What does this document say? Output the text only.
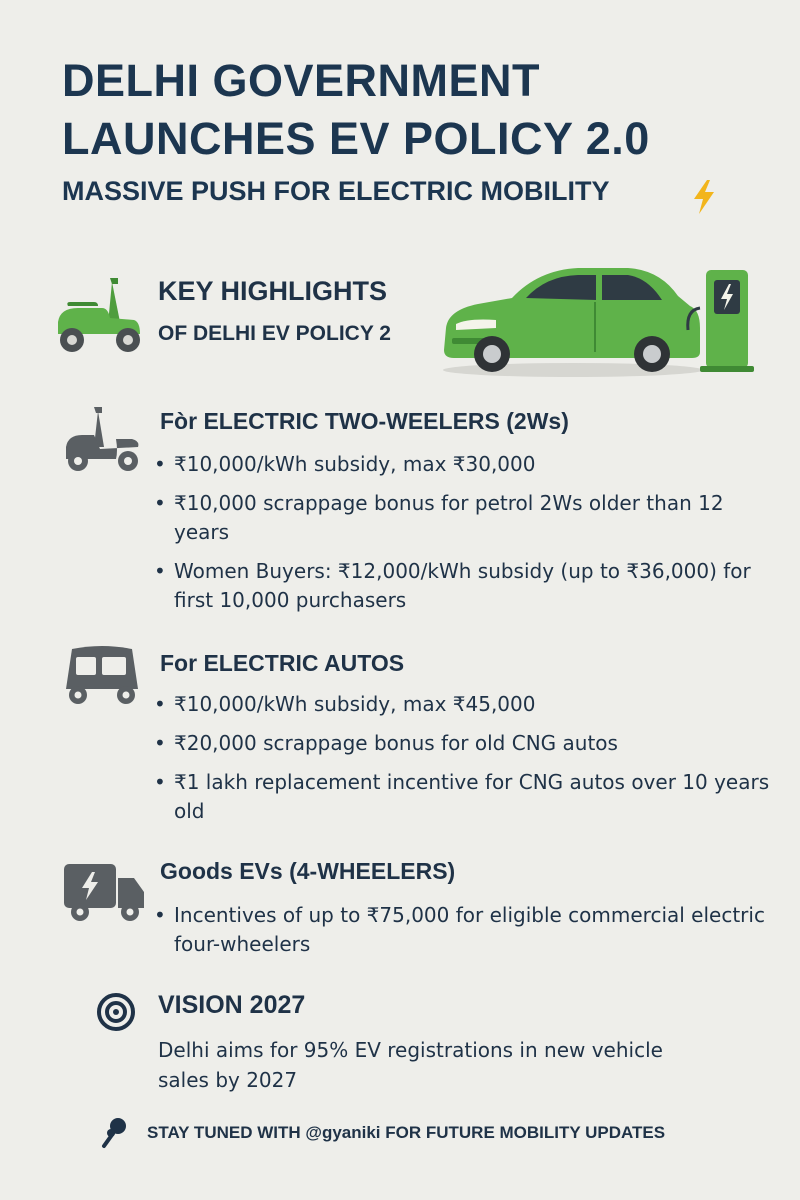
DELHI GOVERNMENT LAUNCHES EV POLICY 2.0
MASSIVE PUSH FOR ELECTRIC MOBILITY
KEY HIGHLIGHTS
OF DELHI EV POLICY 2
Fòr ELECTRIC TWO-WEELERS (2Ws)
• ₹10,000/kWh subsidy, max ₹30,000
• ₹10,000 scrappage bonus for petrol 2Ws older than 12 years
• Women Buyers: ₹12,000/kWh subsidy (up to ₹36,000) for first 10,000 purchasers
For ELECTRIC AUTOS
• ₹10,000/kWh subsidy, max ₹45,000
• ₹20,000 scrappage bonus for old CNG autos
• ₹1 lakh replacement incentive for CNG autos over 10 years old
Goods EVs (4-WHEELERS)
• Incentives of up to ₹75,000 for eligible commercial electric four-wheelers
VISION 2027
Delhi aims for 95% EV registrations in new vehicle sales by 2027
STAY TUNED WITH @gyaniki FOR FUTURE MOBILITY UPDATES
